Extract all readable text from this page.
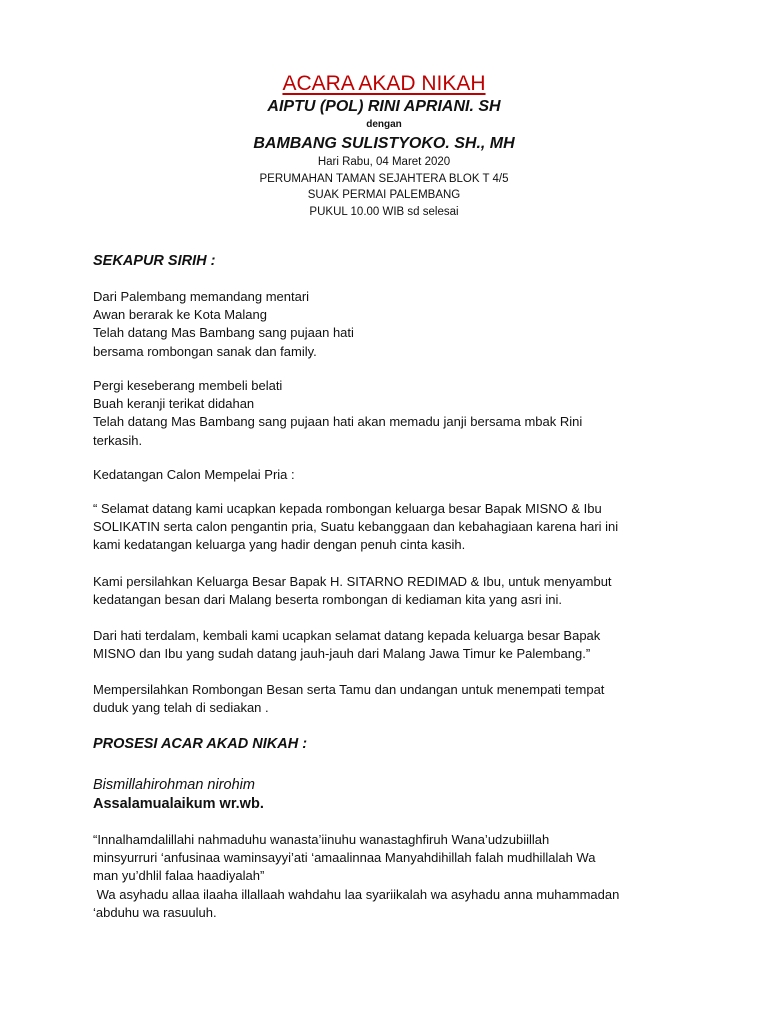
ACARA AKAD NIKAH
AIPTU (POL) RINI APRIANI. SH
dengan
BAMBANG SULISTYOKO. SH., MH
Hari Rabu, 04 Maret 2020
PERUMAHAN TAMAN SEJAHTERA BLOK T 4/5
SUAK PERMAI PALEMBANG
PUKUL 10.00 WIB sd selesai
SEKAPUR SIRIH :
Dari Palembang memandang mentari
Awan berarak ke Kota Malang
Telah datang Mas Bambang sang pujaan hati
bersama rombongan sanak dan family.
Pergi keseberang membeli belati
Buah keranji terikat didahan
Telah datang Mas Bambang sang pujaan hati akan memadu janji bersama mbak Rini
terkasih.
Kedatangan Calon Mempelai Pria :
“ Selamat datang kami ucapkan kepada rombongan keluarga besar Bapak MISNO & Ibu
SOLIKATIN serta calon pengantin pria, Suatu kebanggaan dan kebahagiaan karena hari ini
kami kedatangan keluarga yang hadir dengan penuh cinta kasih.
Kami persilahkan Keluarga Besar Bapak H. SITARNO REDIMAD & Ibu, untuk menyambut
kedatangan besan dari Malang beserta rombongan di kediaman kita yang asri ini.
Dari hati terdalam, kembali kami ucapkan selamat datang kepada keluarga besar Bapak
MISNO dan Ibu yang sudah datang jauh-jauh dari Malang Jawa Timur ke Palembang.”
Mempersilahkan Rombongan Besan serta Tamu dan undangan untuk menempati tempat
duduk yang telah di sediakan .
PROSESI ACAR AKAD NIKAH :
Bismillahirohman nirohim
Assalamualaikum wr.wb.
“Innalhamdalillahi nahmaduhu wanasta’iinuhu wanastaghfiruh Wana’udzubiillah
minsyurruri ‘anfusinaa waminsayyi’ati ‘amaalinnaa Manyahdihillah falah mudhillalah Wa
man yu’dhlil falaa haadiyalah”
Wa asyhadu allaa ilaaha illallaah wahdahu laa syariikalah wa asyhadu anna muhammadan
‘abduhu wa rasuuluh.
